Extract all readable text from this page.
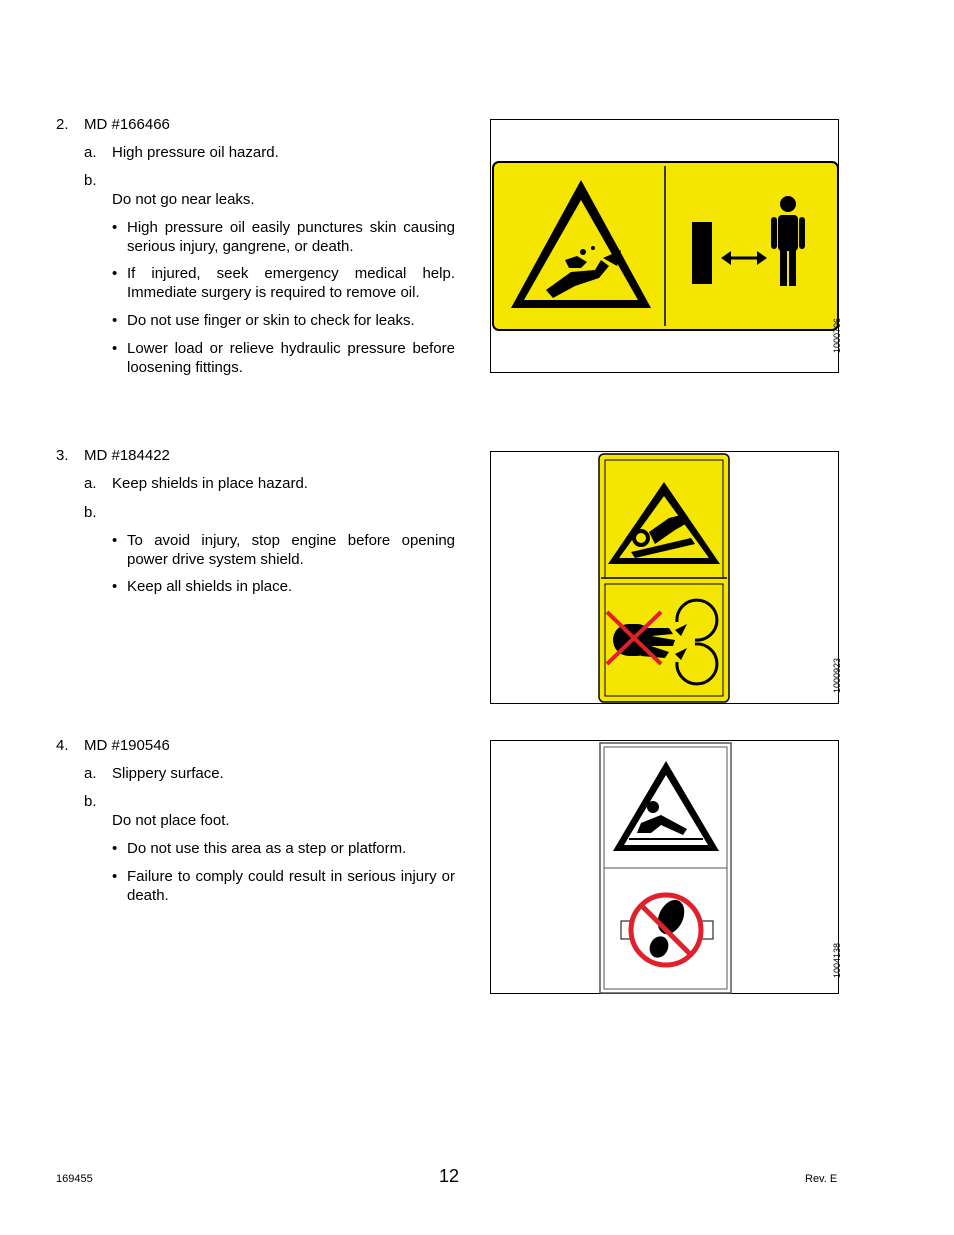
2. MD #166466
a. High pressure oil hazard.
b.
Do not go near leaks.
• High pressure oil easily punctures skin causing serious injury, gangrene, or death.
• If injured, seek emergency medical help. Immediate surgery is required to remove oil.
• Do not use finger or skin to check for leaks.
• Lower load or relieve hydraulic pressure before loosening fittings.
1000706
3. MD #184422
a. Keep shields in place hazard.
b.
• To avoid injury, stop engine before opening power drive system shield.
• Keep all shields in place.
1000923
4. MD #190546
a. Slippery surface.
b.
Do not place foot.
• Do not use this area as a step or platform.
• Failure to comply could result in serious injury or death.
1004138
169455	12	Rev. E
